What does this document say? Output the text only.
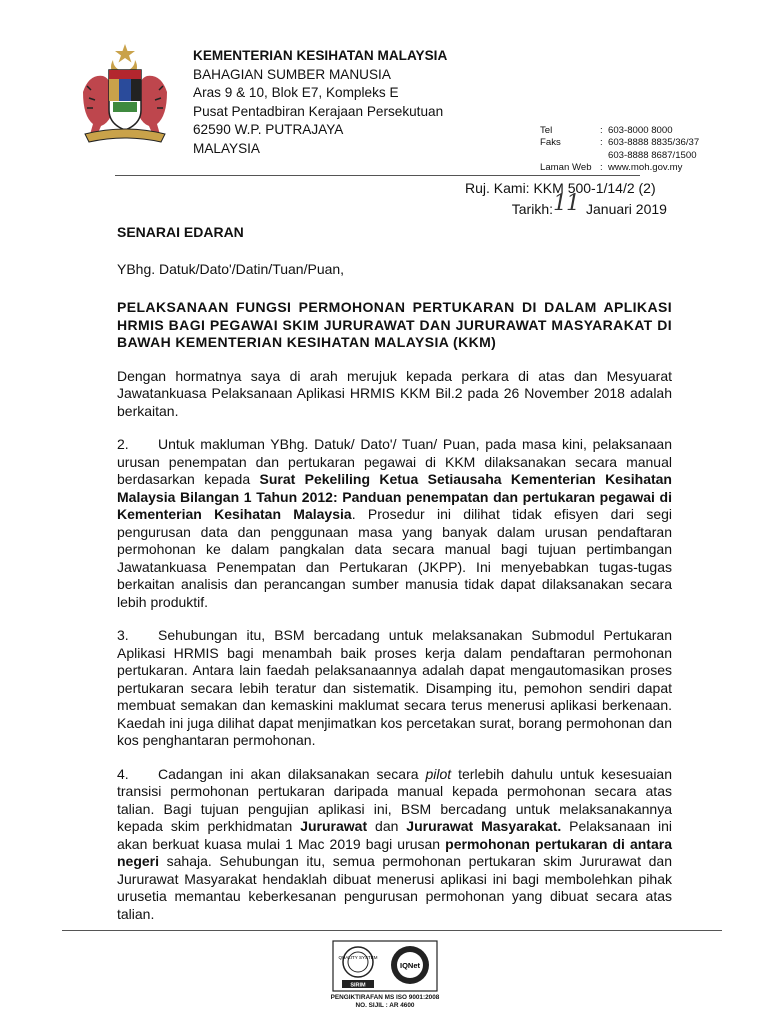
KEMENTERIAN KESIHATAN MALAYSIA
BAHAGIAN SUMBER MANUSIA
Aras 9 & 10, Blok E7, Kompleks E
Pusat Pentadbiran Kerajaan Persekutuan
62590 W.P. PUTRAJAYA
MALAYSIA
Tel	: 603-8000 8000
Faks	: 603-8888 8835/36/37
603-8888 8687/1500
Laman Web : www.moh.gov.my
Ruj. Kami: KKM 500-1/14/2 (2)
Tarikh: Januari 2019
11

SENARAI EDARAN

YBhg. Datuk/Dato'/Datin/Tuan/Puan,

PELAKSANAAN FUNGSI PERMOHONAN PERTUKARAN DI DALAM APLIKASI HRMIS BAGI PEGAWAI SKIM JURURAWAT DAN JURURAWAT MASYARAKAT DI BAWAH KEMENTERIAN KESIHATAN MALAYSIA (KKM)

Dengan hormatnya saya di arah merujuk kepada perkara di atas dan Mesyuarat Jawatankuasa Pelaksanaan Aplikasi HRMIS KKM Bil.2 pada 26 November 2018 adalah berkaitan.

2. Untuk makluman YBhg. Datuk/ Dato'/ Tuan/ Puan, pada masa kini, pelaksanaan urusan penempatan dan pertukaran pegawai di KKM dilaksanakan secara manual berdasarkan kepada Surat Pekeliling Ketua Setiausaha Kementerian Kesihatan Malaysia Bilangan 1 Tahun 2012: Panduan penempatan dan pertukaran pegawai di Kementerian Kesihatan Malaysia. Prosedur ini dilihat tidak efisyen dari segi pengurusan data dan penggunaan masa yang banyak dalam urusan pendaftaran permohonan ke dalam pangkalan data secara manual bagi tujuan pertimbangan Jawatankuasa Penempatan dan Pertukaran (JKPP). Ini menyebabkan tugas-tugas berkaitan analisis dan perancangan sumber manusia tidak dapat dilaksanakan secara lebih produktif.

3. Sehubungan itu, BSM bercadang untuk melaksanakan Submodul Pertukaran Aplikasi HRMIS bagi menambah baik proses kerja dalam pendaftaran permohonan pertukaran. Antara lain faedah pelaksanaannya adalah dapat mengautomasikan proses pertukaran secara lebih teratur dan sistematik. Disamping itu, pemohon sendiri dapat membuat semakan dan kemaskini maklumat secara terus menerusi aplikasi berkenaan. Kaedah ini juga dilihat dapat menjimatkan kos percetakan surat, borang permohonan dan kos penghantaran permohonan.

4. Cadangan ini akan dilaksanakan secara pilot terlebih dahulu untuk kesesuaian transisi permohonan pertukaran daripada manual kepada permohonan secara atas talian. Bagi tujuan pengujian aplikasi ini, BSM bercadang untuk melaksanakannya kepada skim perkhidmatan Jururawat dan Jururawat Masyarakat. Pelaksanaan ini akan berkuat kuasa mulai 1 Mac 2019 bagi urusan permohonan pertukaran di antara negeri sahaja. Sehubungan itu, semua permohonan pertukaran skim Jururawat dan Jururawat Masyarakat hendaklah dibuat menerusi aplikasi ini bagi membolehkan pihak urusetia memantau keberkesanan pengurusan permohonan yang dibuat secara atas talian.

QUALITY SYSTEM
SIRIM
IQNet
PENGIKTIRAFAN MS ISO 9001:2008
NO. SIJIL : AR 4600
